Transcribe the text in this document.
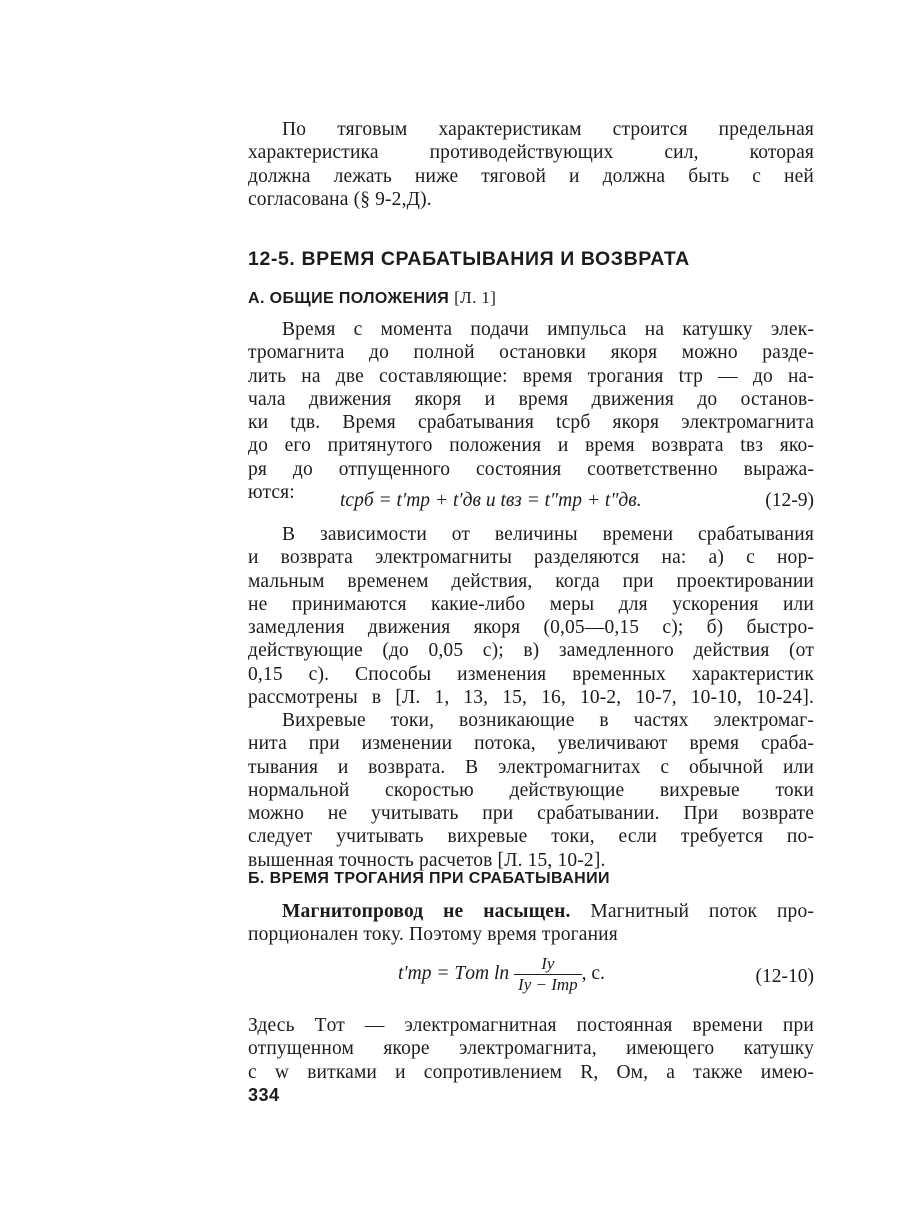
По тяговым характеристикам строится предельная
характеристика противодействующих сил, которая
должна лежать ниже тяговой и должна быть с ней
согласована (§ 9-2,Д).

12-5. ВРЕМЯ СРАБАТЫВАНИЯ И ВОЗВРАТА
А. ОБЩИЕ ПОЛОЖЕНИЯ [Л. 1]

Время с момента подачи импульса на катушку элек-
тромагнита до полной остановки якоря можно разде-
лить на две составляющие: время трогания tтр — до на-
чала движения якоря и время движения до останов-
ки tдв. Время срабатывания tсрб якоря электромагнита
до его притянутого положения и время возврата tвз яко-
ря до отпущенного состояния соответственно выража-
ются:	tсрб = t′тр + t′дв и tвз = t″тр + t″дв.	(12-9)

В зависимости от величины времени срабатывания
и возврата электромагниты разделяются на: а) с нор-
мальным временем действия, когда при проектировании
не принимаются какие-либо меры для ускорения или
замедления движения якоря (0,05—0,15 с); б) быстро-
действующие (до 0,05 с); в) замедленного действия (от
0,15 с). Способы изменения временных характеристик
рассмотрены в [Л. 1, 13, 15, 16, 10-2, 10-7, 10-10, 10-24].

Вихревые токи, возникающие в частях электромаг-
нита при изменении потока, увеличивают время сраба-
тывания и возврата. В электромагнитах с обычной или
нормальной скоростью действующие вихревые токи
можно не учитывать при срабатывании. При возврате
следует учитывать вихревые токи, если требуется по-
вышенная точность расчетов [Л. 15, 10-2].

Б. ВРЕМЯ ТРОГАНИЯ ПРИ СРАБАТЫВАНИИ

Магнитопровод не насыщен. Магнитный поток про-
порционален току. Поэтому время трогания

t′тр = Tот $\ln \frac{Iу}{\text{Iу − Iтр}}$ , с.	(12-10)

Здесь Tот — электромагнитная постоянная времени при
отпущенном якоре электромагнита, имеющего катушку
с w витками и сопротивлением R, Ом, а также имею-

334
